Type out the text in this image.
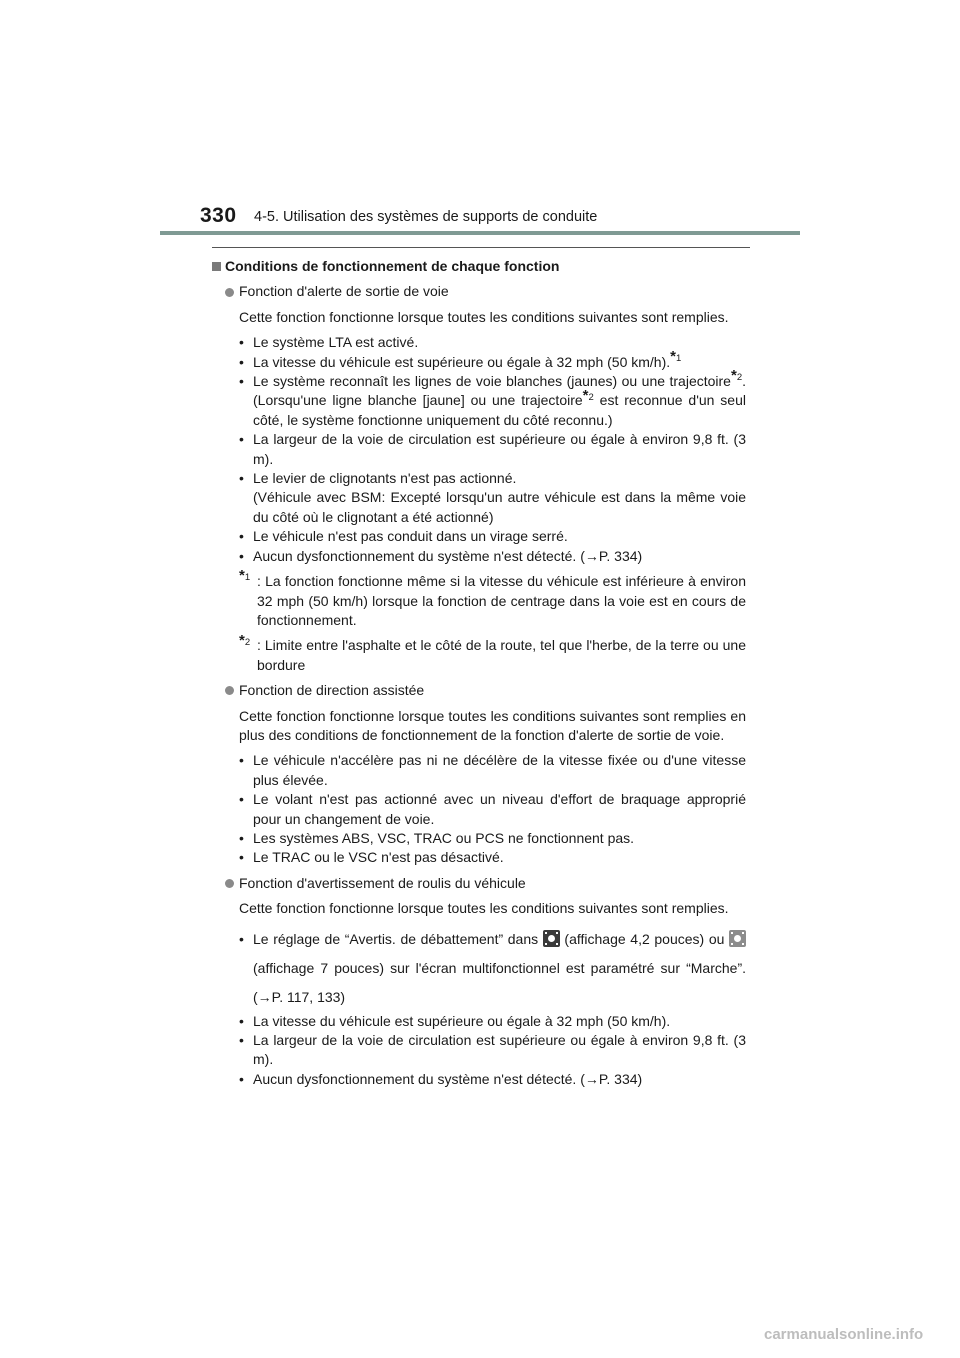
330 4-5. Utilisation des systèmes de supports de conduite
Conditions de fonctionnement de chaque fonction
Fonction d'alerte de sortie de voie
Cette fonction fonctionne lorsque toutes les conditions suivantes sont remplies.
• Le système LTA est activé.
• La vitesse du véhicule est supérieure ou égale à 32 mph (50 km/h).$^{*1}$
• Le système reconnaît les lignes de voie blanches (jaunes) ou une trajectoire$^{*2}$. (Lorsqu'une ligne blanche [jaune] ou une trajectoire$^{*2}$ est reconnue d'un seul côté, le système fonctionne uniquement du côté reconnu.)
• La largeur de la voie de circulation est supérieure ou égale à environ 9,8 ft. (3 m).
• Le levier de clignotants n'est pas actionné.
(Véhicule avec BSM: Excepté lorsqu'un autre véhicule est dans la même voie du côté où le clignotant a été actionné)
• Le véhicule n'est pas conduit dans un virage serré.
• Aucun dysfonctionnement du système n'est détecté. (→P. 334)
$^{*1}$ : La fonction fonctionne même si la vitesse du véhicule est inférieure à environ 32 mph (50 km/h) lorsque la fonction de centrage dans la voie est en cours de fonctionnement.
$^{*2}$ : Limite entre l'asphalte et le côté de la route, tel que l'herbe, de la terre ou une bordure
Fonction de direction assistée
Cette fonction fonctionne lorsque toutes les conditions suivantes sont remplies en plus des conditions de fonctionnement de la fonction d'alerte de sortie de voie.
• Le véhicule n'accélère pas ni ne décélère de la vitesse fixée ou d'une vitesse plus élevée.
• Le volant n'est pas actionné avec un niveau d'effort de braquage approprié pour un changement de voie.
• Les systèmes ABS, VSC, TRAC ou PCS ne fonctionnent pas.
• Le TRAC ou le VSC n'est pas désactivé.
Fonction d'avertissement de roulis du véhicule
Cette fonction fonctionne lorsque toutes les conditions suivantes sont remplies.
• Le réglage de “Avertis. de débattement” dans (affichage 4,2 pouces) ou
(affichage 7 pouces) sur l'écran multifonctionnel est paramétré sur “Marche”. (→P. 117, 133)
• La vitesse du véhicule est supérieure ou égale à 32 mph (50 km/h).
• La largeur de la voie de circulation est supérieure ou égale à environ 9,8 ft. (3 m).
• Aucun dysfonctionnement du système n'est détecté. (→P. 334)
carmanualsonline.info
